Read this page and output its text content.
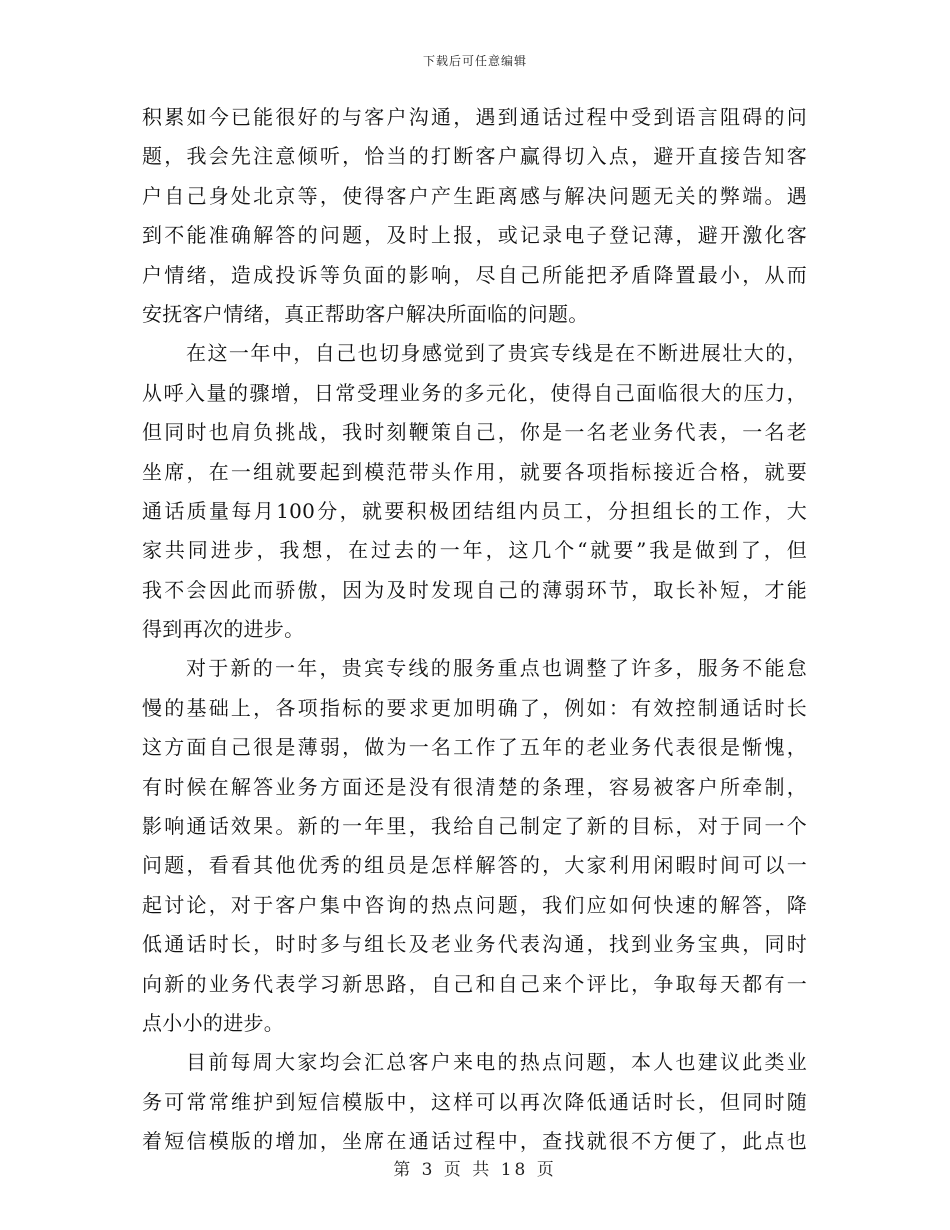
下载后可任意编辑
积累如今已能很好的与客户沟通，遇到通话过程中受到语言阻碍的问
题，我会先注意倾听，恰当的打断客户赢得切入点，避开直接告知客
户自己身处北京等，使得客户产生距离感与解决问题无关的弊端。遇
到不能准确解答的问题，及时上报，或记录电子登记薄，避开激化客
户情绪，造成投诉等负面的影响，尽自己所能把矛盾降置最小，从而
安抚客户情绪，真正帮助客户解决所面临的问题。
在这一年中，自己也切身感觉到了贵宾专线是在不断进展壮大的，
从呼入量的骤增，日常受理业务的多元化，使得自己面临很大的压力，
但同时也肩负挑战，我时刻鞭策自己，你是一名老业务代表，一名老
坐席，在一组就要起到模范带头作用，就要各项指标接近合格，就要
通话质量每月100分，就要积极团结组内员工，分担组长的工作，大
家共同进步，我想，在过去的一年，这几个“就要”我是做到了，但
我不会因此而骄傲，因为及时发现自己的薄弱环节，取长补短，才能
得到再次的进步。
对于新的一年，贵宾专线的服务重点也调整了许多，服务不能怠
慢的基础上，各项指标的要求更加明确了，例如：有效控制通话时长
这方面自己很是薄弱，做为一名工作了五年的老业务代表很是惭愧，
有时候在解答业务方面还是没有很清楚的条理，容易被客户所牵制，
影响通话效果。新的一年里，我给自己制定了新的目标，对于同一个
问题，看看其他优秀的组员是怎样解答的，大家利用闲暇时间可以一
起讨论，对于客户集中咨询的热点问题，我们应如何快速的解答，降
低通话时长，时时多与组长及老业务代表沟通，找到业务宝典，同时
向新的业务代表学习新思路，自己和自己来个评比，争取每天都有一
点小小的进步。
目前每周大家均会汇总客户来电的热点问题，本人也建议此类业
务可常常维护到短信模版中，这样可以再次降低通话时长，但同时随
着短信模版的增加，坐席在通话过程中，查找就很不方便了，此点也
第 3 页 共 18 页
